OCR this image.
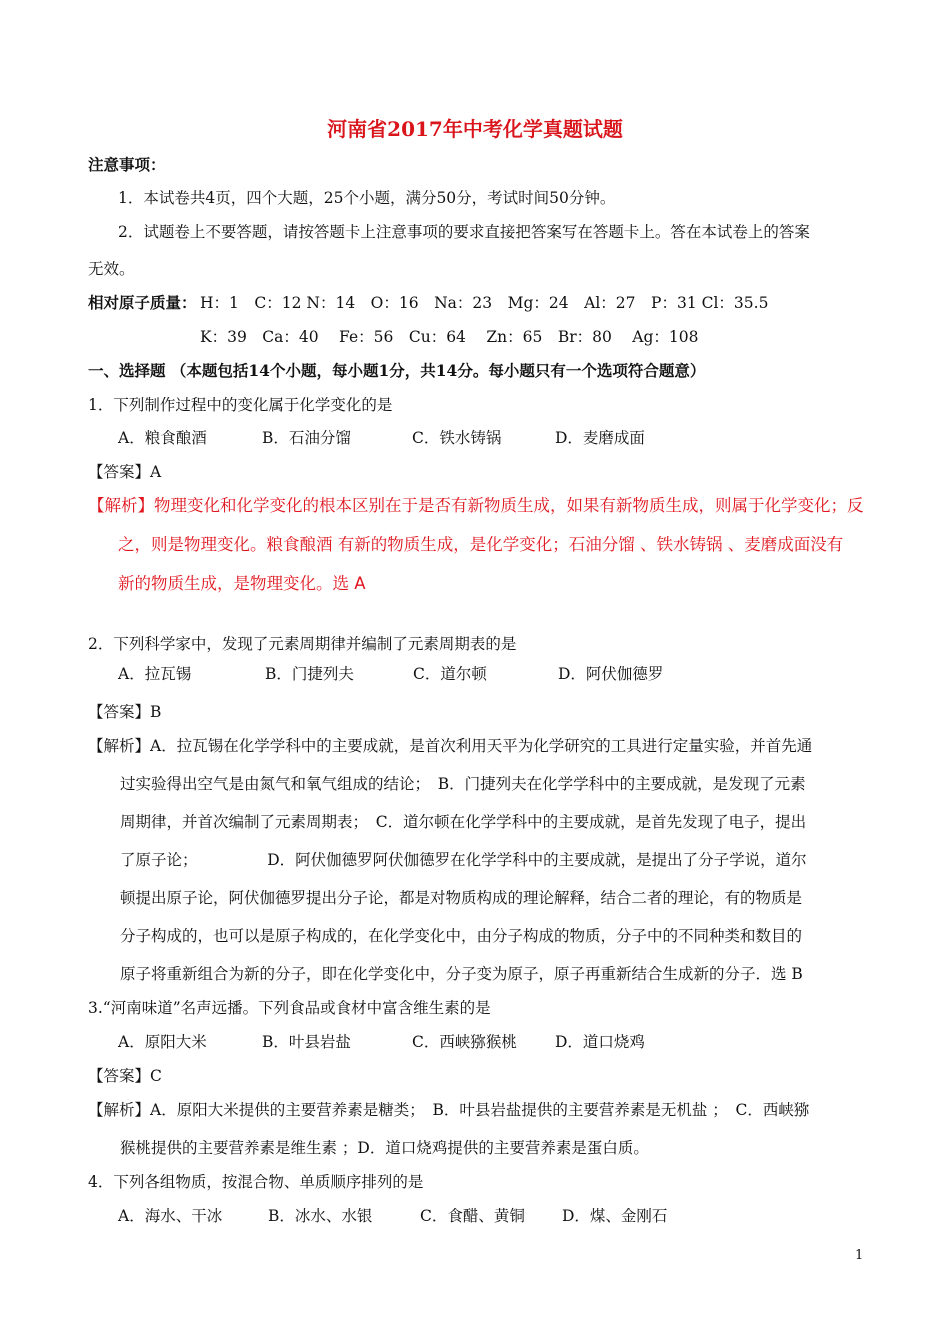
河南省2017年中考化学真题试题
注意事项：
1．本试卷共4页，四个大题，25个小题，满分50分，考试时间50分钟。
2．试题卷上不要答题，请按答题卡上注意事项的要求直接把答案写在答题卡上。答在本试卷上的答案
无效。
相对原子质量： H：1　C：12 N：14　O：16　Na：23　Mg：24　Al：27　P：31 Cl：35.5
K：39　Ca：40　 Fe：56　Cu：64　 Zn：65　Br：80　 Ag：108
一、选择题 （本题包括14个小题，每小题1分，共14分。每小题只有一个选项符合题意）
1．下列制作过程中的变化属于化学变化的是
A．粮食酿酒	B．石油分馏	C．铁水铸锅	D．麦磨成面
【答案】A
【解析】物理变化和化学变化的根本区别在于是否有新物质生成，如果有新物质生成，则属于化学变化；反
之，则是物理变化。粮食酿酒 有新的物质生成，是化学变化；石油分馏 、铁水铸锅 、麦磨成面没有
新的物质生成，是物理变化。选 A
2．下列科学家中，发现了元素周期律并编制了元素周期表的是
A．拉瓦锡	B．门捷列夫	C．道尔顿	D．阿伏伽德罗
【答案】B
【解析】A．拉瓦锡在化学学科中的主要成就，是首次利用天平为化学研究的工具进行定量实验，并首先通
过实验得出空气是由氮气和氧气组成的结论；　B．门捷列夫在化学学科中的主要成就，是发现了元素
周期律，并首次编制了元素周期表；　C．道尔顿在化学学科中的主要成就，是首先发现了电子，提出
了原子论；　　　　　D．阿伏伽德罗阿伏伽德罗在化学学科中的主要成就，是提出了分子学说，道尔
顿提出原子论，阿伏伽德罗提出分子论，都是对物质构成的理论解释，结合二者的理论，有的物质是
分子构成的，也可以是原子构成的，在化学变化中，由分子构成的物质，分子中的不同种类和数目的
原子将重新组合为新的分子，即在化学变化中，分子变为原子，原子再重新结合生成新的分子．选 B
3.“河南味道”名声远播。下列食品或食材中富含维生素的是
A．原阳大米	B．叶县岩盐	C．西峡猕猴桃 D．道口烧鸡
【答案】C
【解析】A．原阳大米提供的主要营养素是糖类；　B．叶县岩盐提供的主要营养素是无机盐 ；　C．西峡猕
猴桃提供的主要营养素是维生素 ；D．道口烧鸡提供的主要营养素是蛋白质。
4．下列各组物质，按混合物、单质顺序排列的是
A．海水、干冰	B．冰水、水银	C．食醋、黄铜 D．煤、金刚石
1
